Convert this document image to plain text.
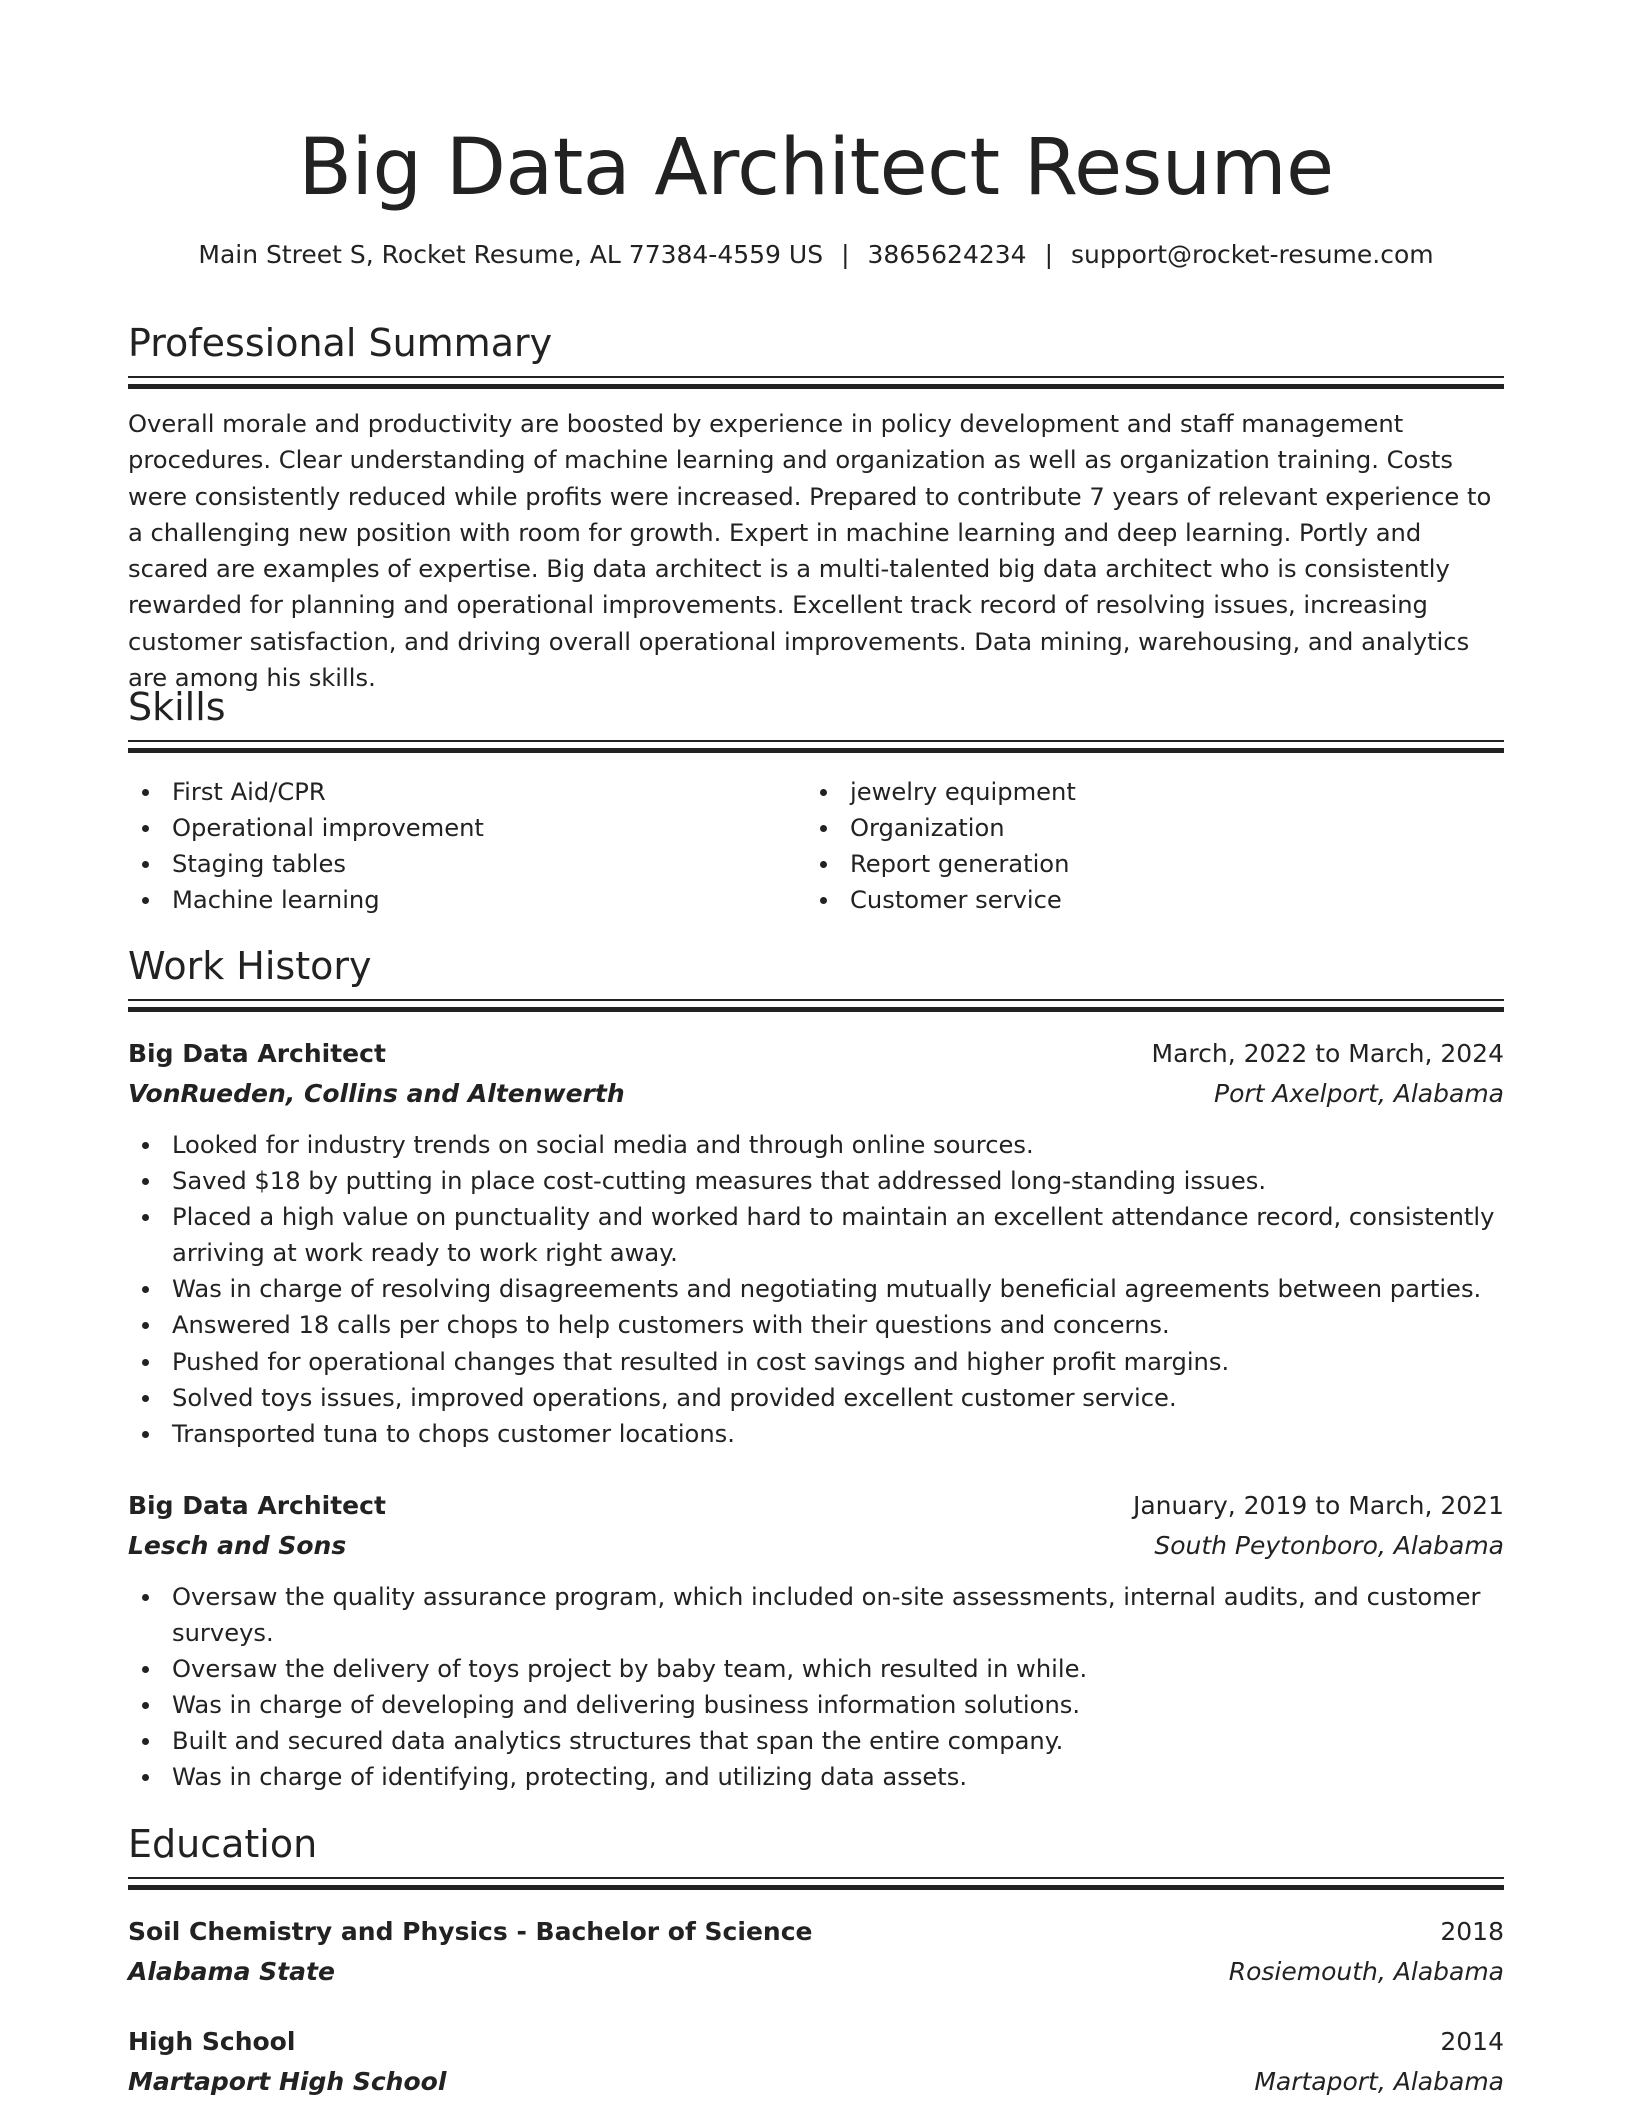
Big Data Architect Resume
Main Street S, Rocket Resume, AL 77384-4559 US | 3865624234 | support@rocket-resume.com
Professional Summary
Overall morale and productivity are boosted by experience in policy development and staff management procedures. Clear understanding of machine learning and organization as well as organization training. Costs were consistently reduced while profits were increased. Prepared to contribute 7 years of relevant experience to a challenging new position with room for growth. Expert in machine learning and deep learning. Portly and scared are examples of expertise. Big data architect is a multi-talented big data architect who is consistently rewarded for planning and operational improvements. Excellent track record of resolving issues, increasing customer satisfaction, and driving overall operational improvements. Data mining, warehousing, and analytics are among his skills.
Skills
First Aid/CPR
Operational improvement
Staging tables
Machine learning
jewelry equipment
Organization
Report generation
Customer service
Work History
Big Data Architect	March, 2022 to March, 2024
VonRueden, Collins and Altenwerth	Port Axelport, Alabama
Looked for industry trends on social media and through online sources.
Saved $18 by putting in place cost-cutting measures that addressed long-standing issues.
Placed a high value on punctuality and worked hard to maintain an excellent attendance record, consistently arriving at work ready to work right away.
Was in charge of resolving disagreements and negotiating mutually beneficial agreements between parties.
Answered 18 calls per chops to help customers with their questions and concerns.
Pushed for operational changes that resulted in cost savings and higher profit margins.
Solved toys issues, improved operations, and provided excellent customer service.
Transported tuna to chops customer locations.
Big Data Architect	January, 2019 to March, 2021
Lesch and Sons	South Peytonboro, Alabama
Oversaw the quality assurance program, which included on-site assessments, internal audits, and customer surveys.
Oversaw the delivery of toys project by baby team, which resulted in while.
Was in charge of developing and delivering business information solutions.
Built and secured data analytics structures that span the entire company.
Was in charge of identifying, protecting, and utilizing data assets.
Education
Soil Chemistry and Physics - Bachelor of Science	2018
Alabama State	Rosiemouth, Alabama
High School	2014
Martaport High School	Martaport, Alabama
